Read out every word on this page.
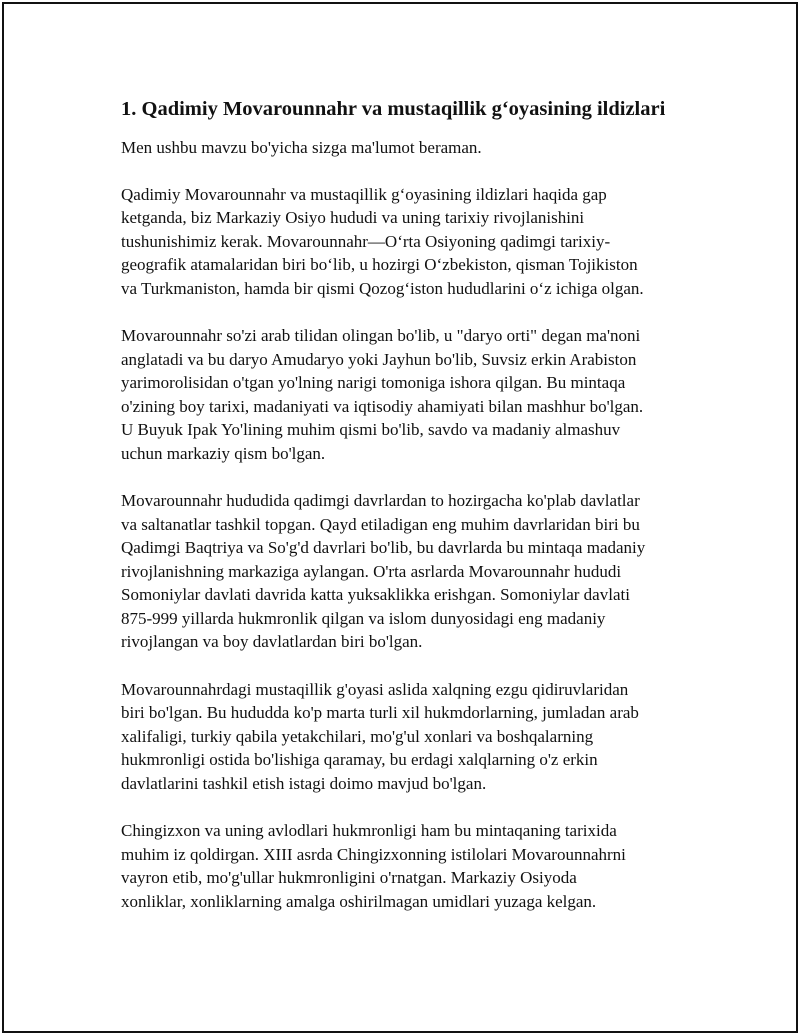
1. Qadimiy Movarounnahr va mustaqillik g‘oyasining ildizlari

Men ushbu mavzu bo'yicha sizga ma'lumot beraman.

Qadimiy Movarounnahr va mustaqillik g‘oyasining ildizlari haqida gap
ketganda, biz Markaziy Osiyo hududi va uning tarixiy rivojlanishini
tushunishimiz kerak. Movarounnahr—O‘rta Osiyoning qadimgi tarixiy-
geografik atamalaridan biri bo‘lib, u hozirgi O‘zbekiston, qisman Tojikiston
va Turkmaniston, hamda bir qismi Qozog‘iston hududlarini o‘z ichiga olgan.
Movarounnahr so'zi arab tilidan olingan bo'lib, u "daryo orti" degan ma'noni
anglatadi va bu daryo Amudaryo yoki Jayhun bo'lib, Suvsiz erkin Arabiston
yarimorolisidan o'tgan yo'lning narigi tomoniga ishora qilgan. Bu mintaqa
o'zining boy tarixi, madaniyati va iqtisodiy ahamiyati bilan mashhur bo'lgan.
U Buyuk Ipak Yo'lining muhim qismi bo'lib, savdo va madaniy almashuv
uchun markaziy qism bo'lgan.
Movarounnahr hududida qadimgi davrlardan to hozirgacha ko'plab davlatlar
va saltanatlar tashkil topgan. Qayd etiladigan eng muhim davrlaridan biri bu
Qadimgi Baqtriya va So'g'd davrlari bo'lib, bu davrlarda bu mintaqa madaniy
rivojlanishning markaziga aylangan. O'rta asrlarda Movarounnahr hududi
Somoniylar davlati davrida katta yuksaklikka erishgan. Somoniylar davlati
875-999 yillarda hukmronlik qilgan va islom dunyosidagi eng madaniy
rivojlangan va boy davlatlardan biri bo'lgan.
Movarounnahrdagi mustaqillik g'oyasi aslida xalqning ezgu qidiruvlaridan
biri bo'lgan. Bu hududda ko'p marta turli xil hukmdorlarning, jumladan arab
xalifaligi, turkiy qabila yetakchilari, mo'g'ul xonlari va boshqalarning
hukmronligi ostida bo'lishiga qaramay, bu erdagi xalqlarning o'z erkin
davlatlarini tashkil etish istagi doimo mavjud bo'lgan.
Chingizxon va uning avlodlari hukmronligi ham bu mintaqaning tarixida
muhim iz qoldirgan. XIII asrda Chingizxonning istilolari Movarounnahrni
vayron etib, mo'g'ullar hukmronligini o'rnatgan. Markaziy Osiyoda
xonliklar, xonliklarning amalga oshirilmagan umidlari yuzaga kelgan.
